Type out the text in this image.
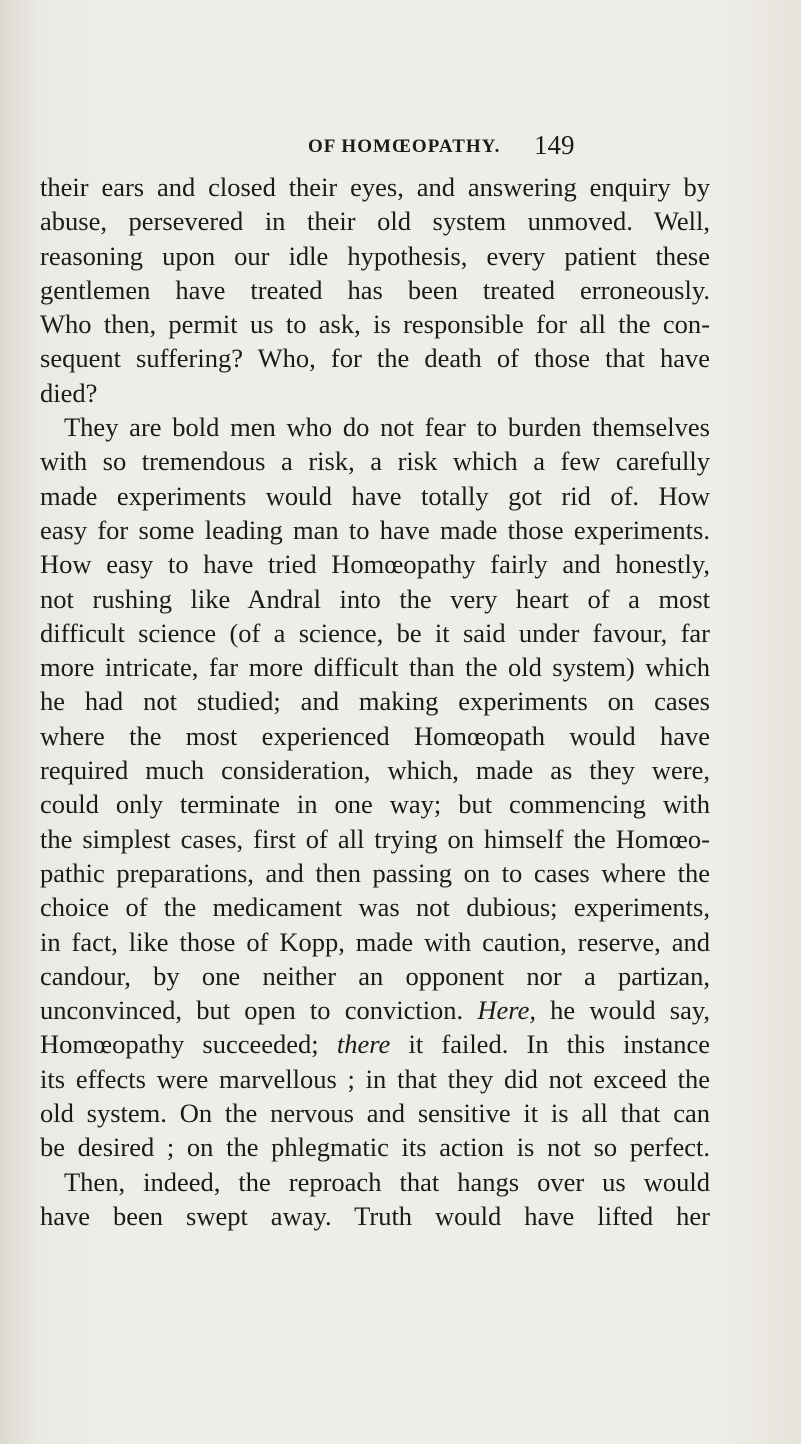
OF HOMŒOPATHY. 149
their ears and closed their eyes, and answering enquiry by
abuse, persevered in their old system unmoved. Well,
reasoning upon our idle hypothesis, every patient these
gentlemen have treated has been treated erroneously.
Who then, permit us to ask, is responsible for all the con-
sequent suffering? Who, for the death of those that have
died?
They are bold men who do not fear to burden themselves
with so tremendous a risk, a risk which a few carefully
made experiments would have totally got rid of. How
easy for some leading man to have made those experiments.
How easy to have tried Homœopathy fairly and honestly,
not rushing like Andral into the very heart of a most
difficult science (of a science, be it said under favour, far
more intricate, far more difficult than the old system) which
he had not studied; and making experiments on cases
where the most experienced Homœopath would have
required much consideration, which, made as they were,
could only terminate in one way; but commencing with
the simplest cases, first of all trying on himself the Homœo-
pathic preparations, and then passing on to cases where the
choice of the medicament was not dubious; experiments,
in fact, like those of Kopp, made with caution, reserve, and
candour, by one neither an opponent nor a partizan,
unconvinced, but open to conviction. Here, he would say,
Homœopathy succeeded; there it failed. In this instance
its effects were marvellous ; in that they did not exceed the
old system. On the nervous and sensitive it is all that can
be desired ; on the phlegmatic its action is not so perfect.
Then, indeed, the reproach that hangs over us would
have been swept away. Truth would have lifted her
